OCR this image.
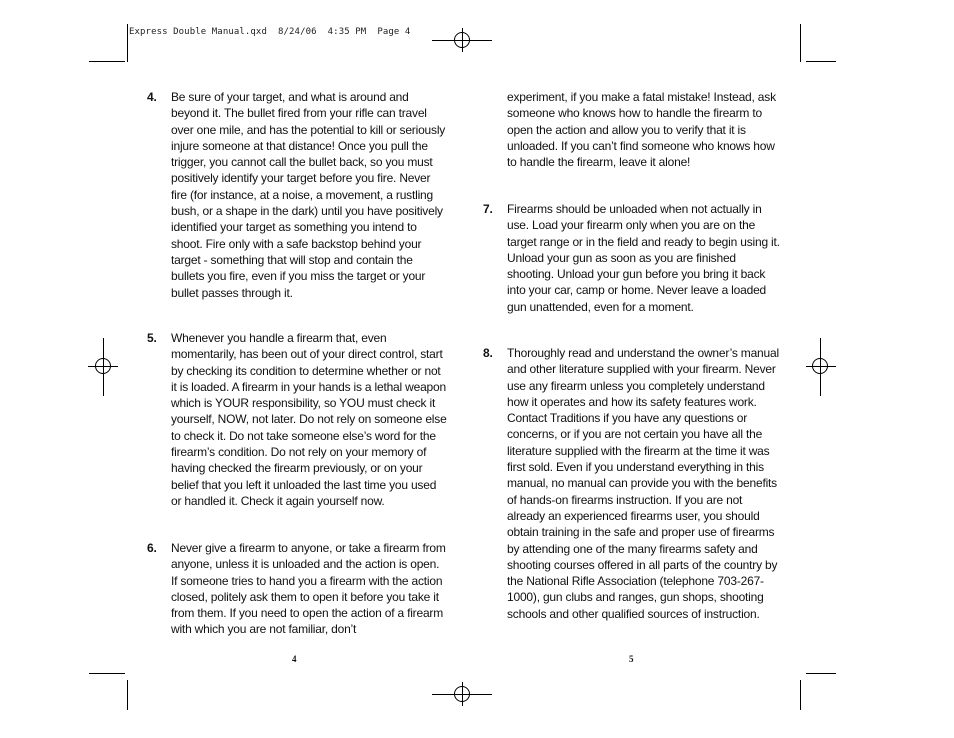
Express Double Manual.qxd  8/24/06  4:35 PM  Page 4
4.	Be sure of your target, and what is around and beyond it. The bullet fired from your rifle can travel over one mile, and has the potential to kill or seriously injure someone at that distance! Once you pull the trigger, you cannot call the bullet back, so you must positively identify your target before you fire. Never fire (for instance, at a noise, a movement, a rustling bush, or a shape in the dark) until you have positively identified your target as something you intend to shoot. Fire only with a safe backstop behind your target - something that will stop and contain the bullets you fire, even if you miss the target or your bullet passes through it.
5.	Whenever you handle a firearm that, even momentarily, has been out of your direct control, start by checking its condition to determine whether or not it is loaded. A firearm in your hands is a lethal weapon which is YOUR responsibility, so YOU must check it yourself, NOW, not later. Do not rely on someone else to check it. Do not take someone else’s word for the firearm’s condition. Do not rely on your memory of having checked the firearm previously, or on your belief that you left it unloaded the last time you used or handled it. Check it again yourself now.
6.	Never give a firearm to anyone, or take a firearm from anyone, unless it is unloaded and the action is open. If someone tries to hand you a firearm with the action closed, politely ask them to open it before you take it from them. If you need to open the action of a firearm with which you are not familiar, don’t
4
experiment, if you make a fatal mistake! Instead, ask someone who knows how to handle the firearm to open the action and allow you to verify that it is unloaded. If you can’t find someone who knows how to handle the firearm, leave it alone!
7.	Firearms should be unloaded when not actually in use. Load your firearm only when you are on the target range or in the field and ready to begin using it. Unload your gun as soon as you are finished shooting. Unload your gun before you bring it back into your car, camp or home. Never leave a loaded gun unattended, even for a moment.
8.	Thoroughly read and understand the owner’s manual and other literature supplied with your firearm. Never use any firearm unless you completely understand how it operates and how its safety features work. Contact Traditions if you have any questions or concerns, or if you are not certain you have all the literature supplied with the firearm at the time it was first sold. Even if you understand everything in this manual, no manual can provide you with the benefits of hands-on firearms instruction. If you are not already an experienced firearms user, you should obtain training in the safe and proper use of firearms by attending one of the many firearms safety and shooting courses offered in all parts of the country by the National Rifle Association (telephone 703-267-1000), gun clubs and ranges, gun shops, shooting schools and other qualified sources of instruction.
5
